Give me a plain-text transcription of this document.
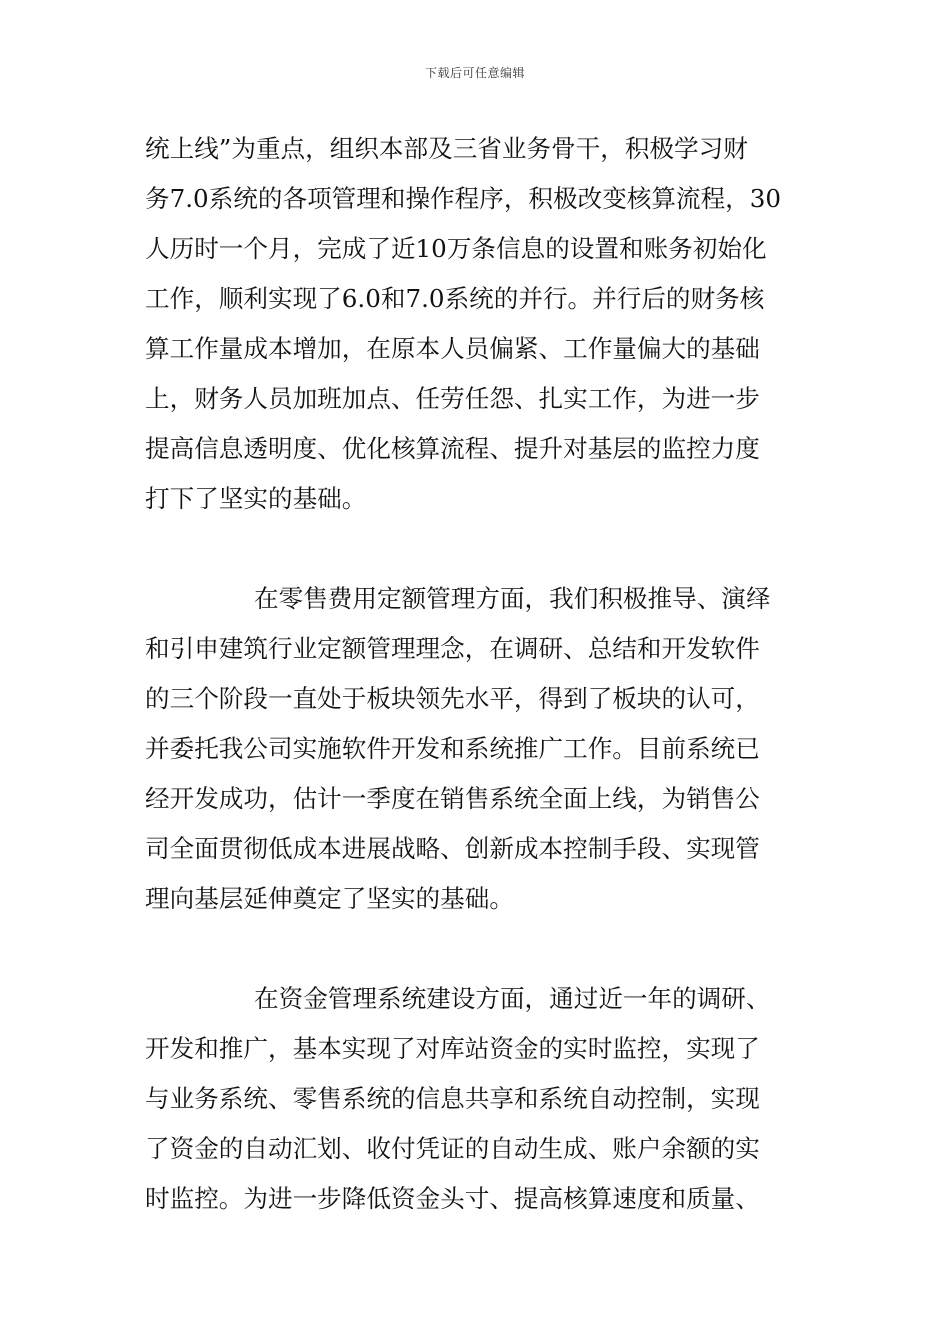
下载后可任意编辑
统上线”为重点，组织本部及三省业务骨干，积极学习财
务7.0系统的各项管理和操作程序，积极改变核算流程，30
人历时一个月，完成了近10万条信息的设置和账务初始化
工作，顺利实现了6.0和7.0系统的并行。并行后的财务核
算工作量成本增加，在原本人员偏紧、工作量偏大的基础
上，财务人员加班加点、任劳任怨、扎实工作，为进一步
提高信息透明度、优化核算流程、提升对基层的监控力度
打下了坚实的基础。
在零售费用定额管理方面，我们积极推导、演绎
和引申建筑行业定额管理理念，在调研、总结和开发软件
的三个阶段一直处于板块领先水平，得到了板块的认可，
并委托我公司实施软件开发和系统推广工作。目前系统已
经开发成功，估计一季度在销售系统全面上线，为销售公
司全面贯彻低成本进展战略、创新成本控制手段、实现管
理向基层延伸奠定了坚实的基础。
在资金管理系统建设方面，通过近一年的调研、
开发和推广，基本实现了对库站资金的实时监控，实现了
与业务系统、零售系统的信息共享和系统自动控制，实现
了资金的自动汇划、收付凭证的自动生成、账户余额的实
时监控。为进一步降低资金头寸、提高核算速度和质量、
